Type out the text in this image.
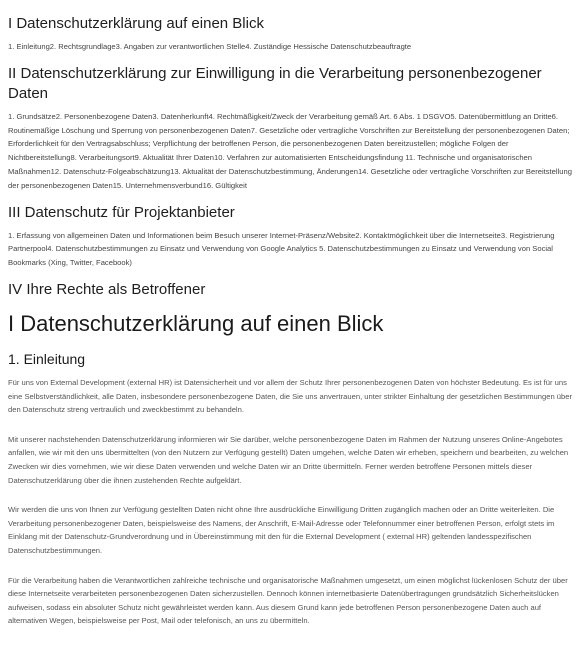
I Datenschutzerklärung auf einen Blick

1. Einleitung2. Rechtsgrundlage3. Angaben zur verantwortlichen Stelle4. Zuständige Hessische Datenschutzbeauftragte

II Datenschutzerklärung zur Einwilligung in die Verarbeitung personenbezogener Daten

1. Grundsätze2. Personenbezogene Daten3. Datenherkunft4. Rechtmäßigkeit/Zweck der Verarbeitung gemäß Art. 6 Abs. 1 DSGVO5. Datenübermittlung an Dritte6. Routinemäßige Löschung und Sperrung von personenbezogenen Daten7. Gesetzliche oder vertragliche Vorschriften zur Bereitstellung der personenbezogenen Daten; Erforderlichkeit für den Vertragsabschluss; Verpflichtung der betroffenen Person, die personenbezogenen Daten bereitzustellen; mögliche Folgen der Nichtbereitstellung8. Verarbeitungsort9. Aktualität Ihrer Daten10. Verfahren zur automatisierten Entscheidungsfindung 11. Technische und organisatorischen Maßnahmen12. Datenschutz-Folgeabschätzung13. Aktualität der Datenschutzbestimmung, Änderungen14. Gesetzliche oder vertragliche Vorschriften zur Bereitstellung der personenbezogenen Daten15. Unternehmensverbund16. Gültigkeit

III Datenschutz für Projektanbieter

1. Erfassung von allgemeinen Daten und Informationen beim Besuch unserer Internet-Präsenz/Website2. Kontaktmöglichkeit über die Internetseite3. Registrierung Partnerpool4. Datenschutzbestimmungen zu Einsatz und Verwendung von Google Analytics 5. Datenschutzbestimmungen zu Einsatz und Verwendung von Social Bookmarks (Xing, Twitter, Facebook)

IV Ihre Rechte als Betroffener
I Datenschutzerklärung auf einen Blick
1. Einleitung

Für uns von External Development (external HR) ist Datensicherheit und vor allem der Schutz Ihrer personenbezogenen Daten von höchster Bedeutung. Es ist für uns eine Selbstverständlichkeit, alle Daten, insbesondere personenbezogene Daten, die Sie uns anvertrauen, unter strikter Einhaltung der gesetzlichen Bestimmungen über den Datenschutz streng vertraulich und zweckbestimmt zu behandeln.

Mit unserer nachstehenden Datenschutzerklärung informieren wir Sie darüber, welche personenbezogene Daten im Rahmen der Nutzung unseres Online-Angebotes anfallen, wie wir mit den uns übermittelten (von den Nutzern zur Verfügung gestellt) Daten umgehen, welche Daten wir erheben, speichern und bearbeiten, zu welchen Zwecken wir dies vornehmen, wie wir diese Daten verwenden und welche Daten wir an Dritte übermitteln. Ferner werden betroffene Personen mittels dieser Datenschutzerklärung über die ihnen zustehenden Rechte aufgeklärt.

Wir werden die uns von Ihnen zur Verfügung gestellten Daten nicht ohne Ihre ausdrückliche Einwilligung Dritten zugänglich machen oder an Dritte weiterleiten. Die Verarbeitung personenbezogener Daten, beispielsweise des Namens, der Anschrift, E-Mail-Adresse oder Telefonnummer einer betroffenen Person, erfolgt stets im Einklang mit der Datenschutz-Grundverordnung und in Übereinstimmung mit den für die External Development ( external HR) geltenden landesspezifischen Datenschutzbestimmungen.

Für die Verarbeitung haben die Verantwortlichen zahlreiche technische und organisatorische Maßnahmen umgesetzt, um einen möglichst lückenlosen Schutz der über diese Internetseite verarbeiteten personenbezogenen Daten sicherzustellen. Dennoch können internetbasierte Datenübertragungen grundsätzlich Sicherheitslücken aufweisen, sodass ein absoluter Schutz nicht gewährleistet werden kann. Aus diesem Grund kann jede betroffenen Person personenbezogene Daten auch auf alternativen Wegen, beispielsweise per Post, Mail oder telefonisch, an uns zu übermitteln.
